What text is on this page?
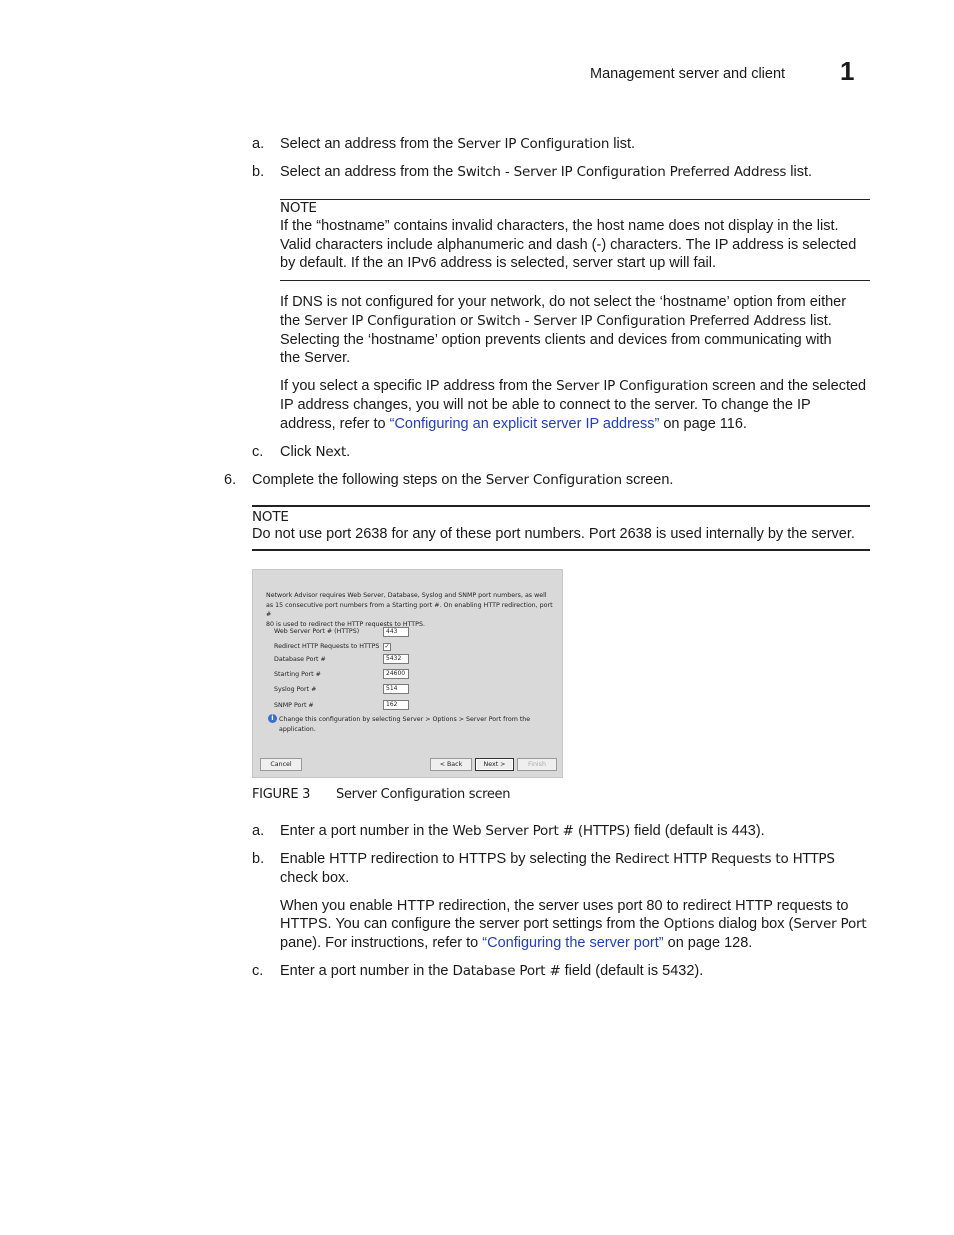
Management server and client 1
a. Select an address from the Server IP Configuration list.
b. Select an address from the Switch - Server IP Configuration Preferred Address list.
NOTE
If the “hostname” contains invalid characters, the host name does not display in the list.
Valid characters include alphanumeric and dash (-) characters. The IP address is selected
by default. If the an IPv6 address is selected, server start up will fail.
If DNS is not configured for your network, do not select the ‘hostname’ option from either
the Server IP Configuration or Switch - Server IP Configuration Preferred Address list.
Selecting the ‘hostname’ option prevents clients and devices from communicating with
the Server.
If you select a specific IP address from the Server IP Configuration screen and the selected
IP address changes, you will not be able to connect to the server. To change the IP
address, refer to “Configuring an explicit server IP address” on page 116.
c. Click Next.
6. Complete the following steps on the Server Configuration screen.
NOTE
Do not use port 2638 for any of these port numbers. Port 2638 is used internally by the server.
Network Advisor requires Web Server, Database, Syslog and SNMP port numbers, as well
as 15 consecutive port numbers from a Starting port #. On enabling HTTP redirection, port #
80 is used to redirect the HTTP requests to HTTPS.
Web Server Port # (HTTPS)	443
Redirect HTTP Requests to HTTPS ✓
Database Port #	5432
Starting Port #	24600
Syslog Port #	514
SNMP Port #	162
i Change this configuration by selecting Server > Options > Server Port from the
application.
Cancel	< Back	Next >	Finish
FIGURE 3 Server Configuration screen
a. Enter a port number in the Web Server Port # (HTTPS) field (default is 443).
b. Enable HTTP redirection to HTTPS by selecting the Redirect HTTP Requests to HTTPS
check box.
When you enable HTTP redirection, the server uses port 80 to redirect HTTP requests to
HTTPS. You can configure the server port settings from the Options dialog box (Server Port
pane). For instructions, refer to “Configuring the server port” on page 128.
c. Enter a port number in the Database Port # field (default is 5432).
